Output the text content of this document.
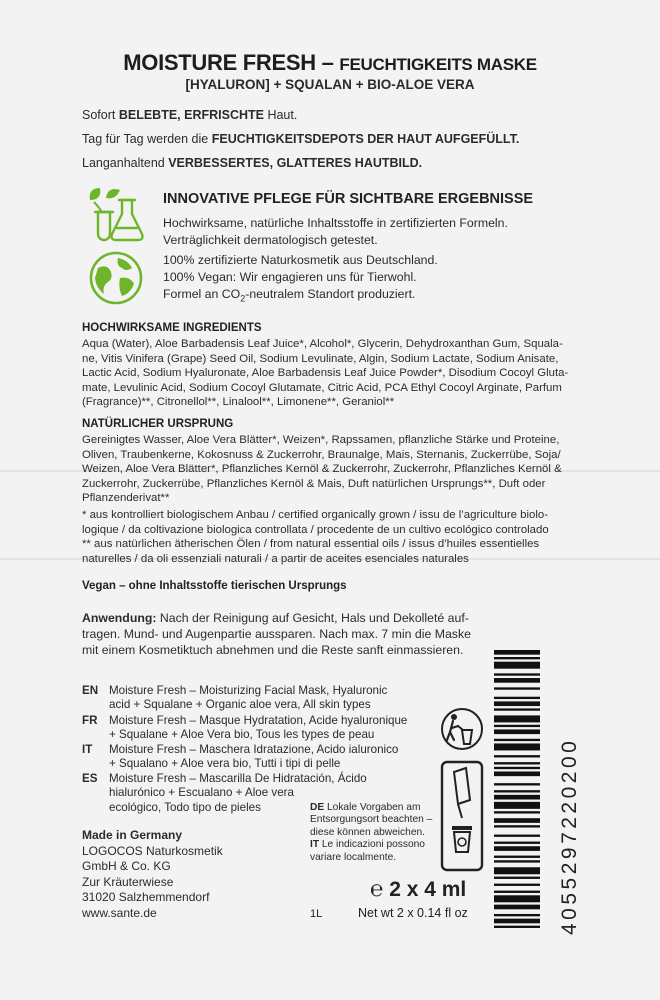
MOISTURE FRESH – FEUCHTIGKEITS MASKE
[HYALURON] + SQUALAN + BIO-ALOE VERA
Sofort BELEBTE, ERFRISCHTE Haut.
Tag für Tag werden die FEUCHTIGKEITSDEPOTS DER HAUT AUFGEFÜLLT.
Langanhaltend VERBESSERTES, GLATTERES HAUTBILD.
INNOVATIVE PFLEGE FÜR SICHTBARE ERGEBNISSE
Hochwirksame, natürliche Inhaltsstoffe in zertifizierten Formeln.
Verträglichkeit dermatologisch getestet.
100% zertifizierte Naturkosmetik aus Deutschland.
100% Vegan: Wir engagieren uns für Tierwohl.
Formel an $CO_2$-neutralem Standort produziert.
HOCHWIRKSAME INGREDIENTS
Aqua (Water), Aloe Barbadensis Leaf Juice*, Alcohol*, Glycerin, Dehydroxanthan Gum, Squala-
ne, Vitis Vinifera (Grape) Seed Oil, Sodium Levulinate, Algin, Sodium Lactate, Sodium Anisate,
Lactic Acid, Sodium Hyaluronate, Aloe Barbadensis Leaf Juice Powder*, Disodium Cocoyl Gluta-
mate, Levulinic Acid, Sodium Cocoyl Glutamate, Citric Acid, PCA Ethyl Cocoyl Arginate, Parfum
(Fragrance)**, Citronellol**, Linalool**, Limonene**, Geraniol**
NATÜRLICHER URSPRUNG
Gereinigtes Wasser, Aloe Vera Blätter*, Weizen*, Rapssamen, pflanzliche Stärke und Proteine,
Oliven, Traubenkerne, Kokosnuss & Zuckerrohr, Braunalge, Mais, Sternanis, Zuckerrübe, Soja/
Weizen, Aloe Vera Blätter*, Pflanzliches Kernöl & Zuckerrohr, Zuckerrohr, Pflanzliches Kernöl &
Zuckerrohr, Zuckerrübe, Pflanzliches Kernöl & Mais, Duft natürlichen Ursprungs**, Duft oder
Pflanzenderivat**
* aus kontrolliert biologischem Anbau / certified organically grown / issu de l’agriculture biolo-
logique / da coltivazione biologica controllata / procedente de un cultivo ecológico controlado
** aus natürlichen ätherischen Ölen / from natural essential oils / issus d’huiles essentielles
naturelles / da oli essenziali naturali / a partir de aceites esenciales naturales
Vegan – ohne Inhaltsstoffe tierischen Ursprungs
Anwendung: Nach der Reinigung auf Gesicht, Hals und Dekolleté auf-
tragen. Mund- und Augenpartie aussparen. Nach max. 7 min die Maske
mit einem Kosmetiktuch abnehmen und die Reste sanft einmassieren.
EN Moisture Fresh – Moisturizing Facial Mask, Hyaluronic
acid + Squalane + Organic aloe vera, All skin types
FR Moisture Fresh – Masque Hydratation, Acide hyaluronique
+ Squalane + Aloe Vera bio, Tous les types de peau
IT Moisture Fresh – Maschera Idratazione, Acido ialuronico
+ Squalano + Aloe vera bio, Tutti i tipi di pelle
ES Moisture Fresh – Mascarilla De Hidratación, Ácido
hialurónico + Escualano + Aloe vera
ecológico, Todo tipo de pieles
Made in Germany
LOGOCOS Naturkosmetik
GmbH & Co. KG
Zur Kräuterwiese
31020 Salzhemmendorf
www.sante.de
DE Lokale Vorgaben am
Entsorgungsort beachten –
diese können abweichen.
IT Le indicazioni possono
variare localmente.
1L
℮ 2 x 4 ml
Net wt 2 x 0.14 fl oz	4055297220200
